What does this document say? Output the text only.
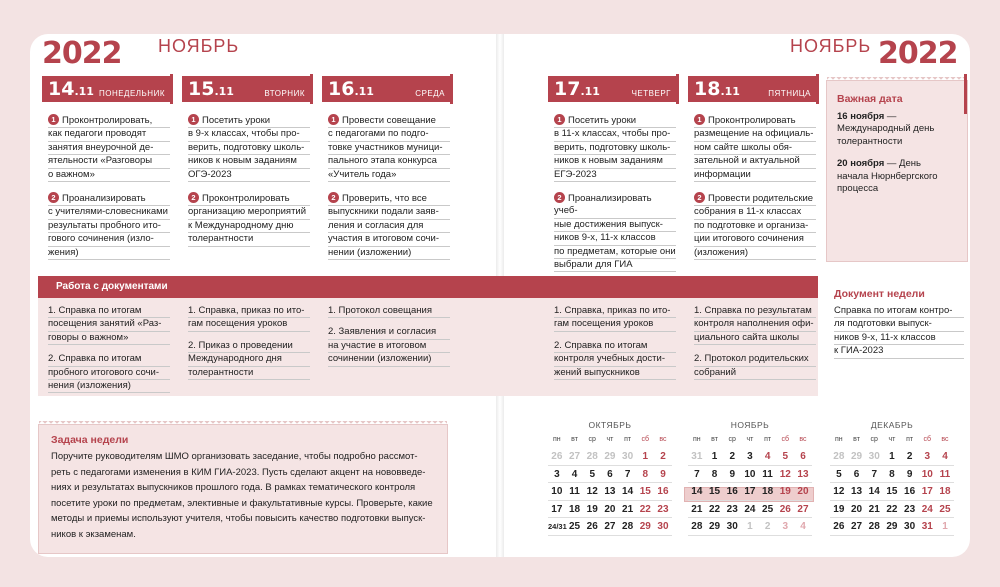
2022 НОЯБРЬ	НОЯБРЬ 2022
14.11 ПОНЕДЕЛЬНИК
1 Проконтролировать,
как педагоги проводят
занятия внеурочной де-
ятельности «Разговоры
о важном»
2 Проанализировать
с учителями-словесниками
результаты пробного ито-
гового сочинения (изло-
жения)
15.11	ВТОРНИК
1 Посетить уроки
в 9-х классах, чтобы про-
верить, подготовку школь-
ников к новым заданиям
ОГЭ-2023
2 Проконтролировать
организацию мероприятий
к Международному дню
толерантности
16.11	СРЕДА
1 Провести совещание
с педагогами по подго-
товке участников муници-
пального этапа конкурса
«Учитель года»
2 Проверить, что все
выпускники подали заяв-
ления и согласия для
участия в итоговом сочи-
нении (изложении)
17.11	ЧЕТВЕРГ
1 Посетить уроки
в 11-х классах, чтобы про-
верить, подготовку школь-
ников к новым заданиям
ЕГЭ-2023
2 Проанализировать учеб-
ные достижения выпуск-
ников 9-х, 11-х классов
по предметам, которые они
выбрали для ГИА
18.11	ПЯТНИЦА
1 Проконтролировать
размещение на официаль-
ном сайте школы обя-
зательной и актуальной
информации
2 Провести родительские
собрания в 11-х классах
по подготовке и организа-
ции итогового сочинения
(изложения)
Важная дата
16 ноября — Международный день
толерантности
20 ноября — День
начала Нюрнбергского
процесса
Работа с документами
1. Справка по итогам
посещения занятий «Раз-
говоры о важном»
2. Справка по итогам
пробного итогового сочи-
нения (изложения)
1. Справка, приказ по ито-
гам посещения уроков
2. Приказ о проведении
Международного дня
толерантности
1. Протокол совещания
2. Заявления и согласия
на участие в итоговом
сочинении (изложении)
1. Справка, приказ по ито-
гам посещения уроков
2. Справка по итогам
контроля учебных дости-
жений выпускников
1. Справка по результатам
контроля наполнения офи-
циального сайта школы
2. Протокол родительских
собраний
Документ недели
Справка по итогам контро-
ля подготовки выпуск-
ников 9-х, 11-х классов
к ГИА-2023
Задача недели
Поручите руководителям ШМО организовать заседание, чтобы подробно рассмот-
реть с педагогами изменения в КИМ ГИА-2023. Пусть сделают акцент на нововведе-
ниях и результатах выпускников прошлого года. В рамках тематического контроля
посетите уроки по предметам, элективные и факультативные курсы. Проверьте, какие
методы и приемы используют учителя, чтобы повысить качество подготовки выпуск-
ников к экзаменам.
ОКТЯБРЬ
пн вт ср чт пт сб вс
26 27 28 29 30 1 2
3 4 5 6 7 8 9
10 11 12 13 14 15 16
17 18 19 20 21 22 23
24/31 25 26 27 28 29 30
НОЯБРЬ
пн вт ср чт пт сб вс
31 1 2 3 4 5 6
7 8 9 10 11 12 13
14 15 16 17 18 19 20
21 22 23 24 25 26 27
28 29 30 1 2 3 4
ДЕКАБРЬ
пн вт ср чт пт сб вс
28 29 30 1 2 3 4
5 6 7 8 9 10 11
12 13 14 15 16 17 18
19 20 21 22 23 24 25
26 27 28 29 30 31 1
